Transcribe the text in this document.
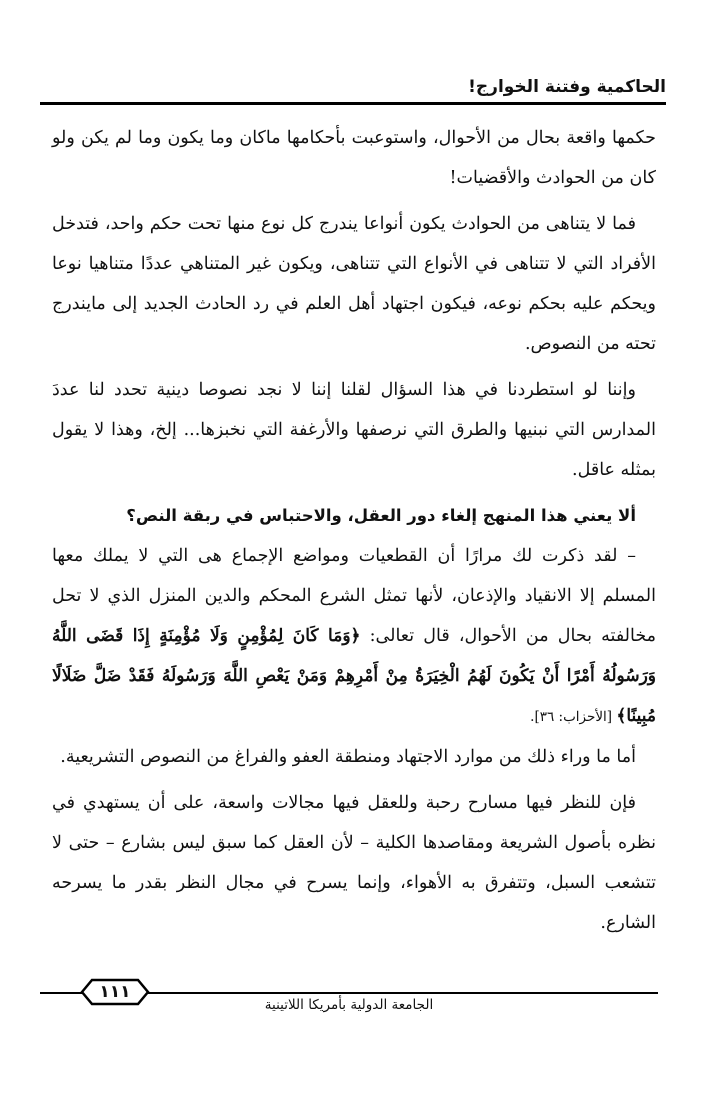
الحاكمية وفتنة الخوارج!

حكمها واقعة بحال من الأحوال، واستوعبت بأحكامها ماكان وما يكون وما لم يكن ولو كان من الحوادث والأقضيات!

فما لا يتناهى من الحوادث يكون أنواعا يندرج كل نوع منها تحت حكم واحد، فتدخل الأفراد التي لا تتناهى في الأنواع التي تتناهى، ويكون غير المتناهي عددًا متناهيا نوعا ويحكم عليه بحكم نوعه، فيكون اجتهاد أهل العلم في رد الحادث الجديد إلى مايندرج تحته من النصوص.

وإننا لو استطردنا في هذا السؤال لقلنا إننا لا نجد نصوصا دينية تحدد لنا عددَ المدارس التي نبنيها والطرق التي نرصفها والأرغفة التي نخبزها... إلخ، وهذا لا يقول بمثله عاقل.

ألا يعني هذا المنهج إلغاء دور العقل، والاحتباس في ربقة النص؟

– لقد ذكرت لك مرارًا أن القطعيات ومواضع الإجماع هى التي لا يملك معها المسلم إلا الانقياد والإذعان، لأنها تمثل الشرع المحكم والدين المنزل الذي لا تحل مخالفته بحال من الأحوال، قال تعالى: ﴿وَمَا كَانَ لِمُؤْمِنٍ وَلَا مُؤْمِنَةٍ إِذَا قَضَى اللَّهُ وَرَسُولُهُ أَمْرًا أَنْ يَكُونَ لَهُمُ الْخِيَرَةُ مِنْ أَمْرِهِمْ وَمَنْ يَعْصِ اللَّهَ وَرَسُولَهُ فَقَدْ ضَلَّ ضَلَالًا مُبِينًا﴾ [الأحزاب: ٣٦].

أما ما وراء ذلك من موارد الاجتهاد ومنطقة العفو والفراغ من النصوص التشريعية.

فإن للنظر فيها مسارح رحبة وللعقل فيها مجالات واسعة، على أن يستهدي في نظره بأصول الشريعة ومقاصدها الكلية – لأن العقل كما سبق ليس بشارع – حتى لا تتشعب السبل، وتتفرق به الأهواء، وإنما يسرح في مجال النظر بقدر ما يسرحه الشارع.

١١١
الجامعة الدولية بأمريكا اللاتينية
